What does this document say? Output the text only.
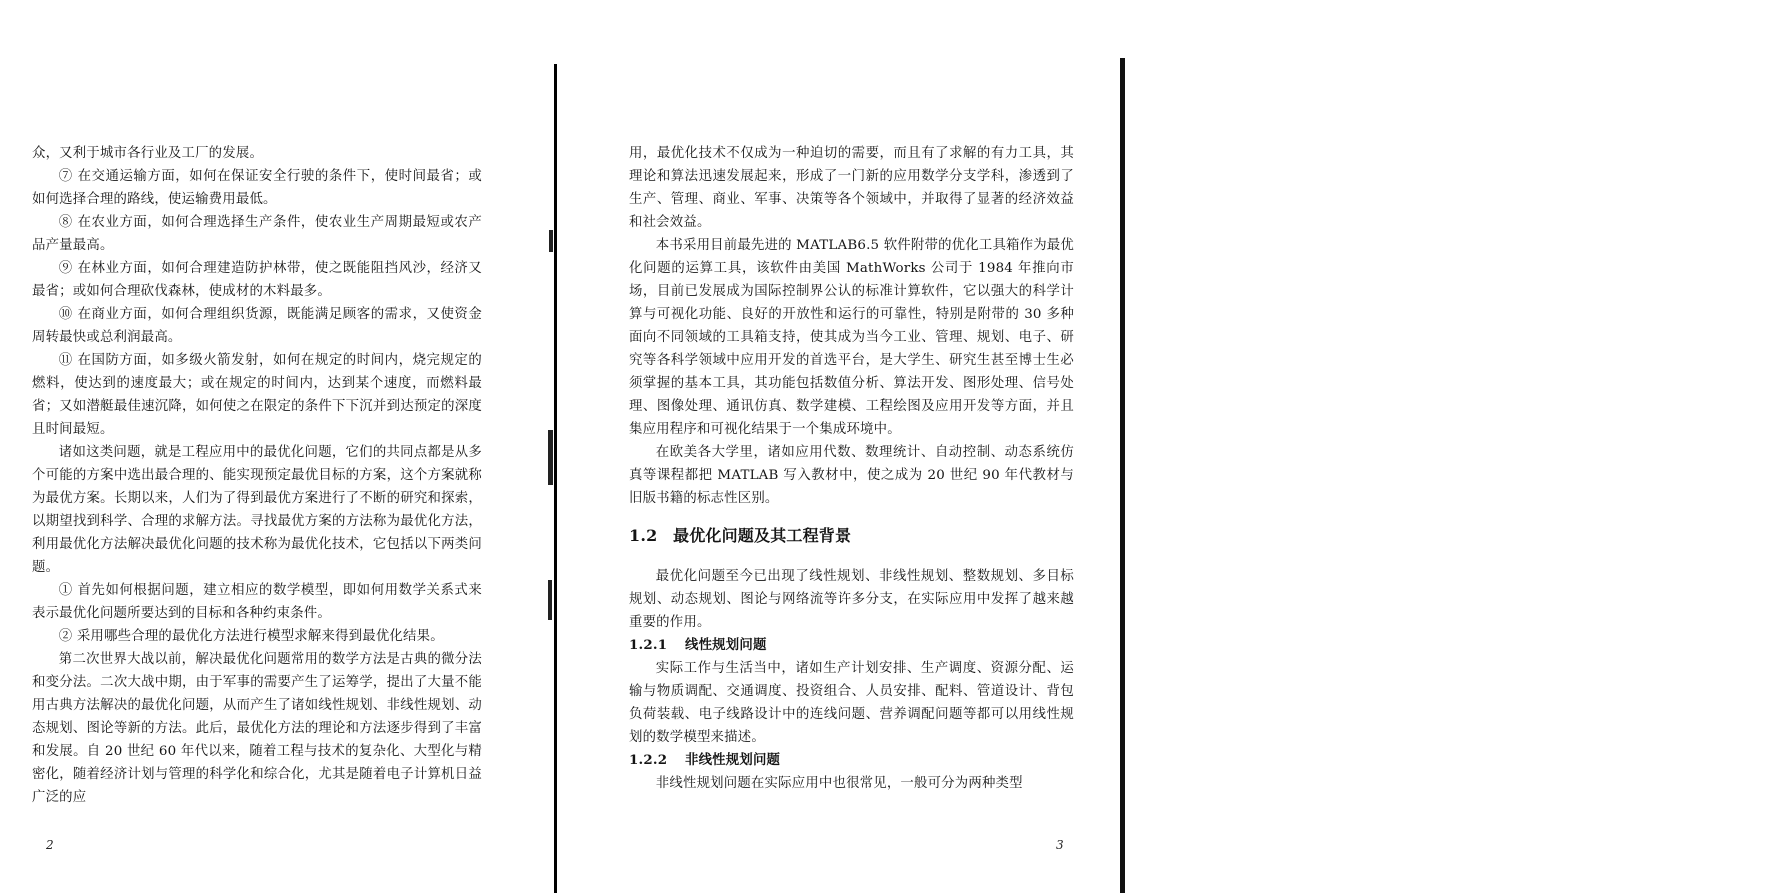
众，又利于城市各行业及工厂的发展。

⑦ 在交通运输方面，如何在保证安全行驶的条件下，使时间最省；或如何选择合理的路线，使运输费用最低。

⑧ 在农业方面，如何合理选择生产条件，使农业生产周期最短或农产品产量最高。

⑨ 在林业方面，如何合理建造防护林带，使之既能阻挡风沙，经济又最省；或如何合理砍伐森林，使成材的木料最多。

⑩ 在商业方面，如何合理组织货源，既能满足顾客的需求，又使资金周转最快或总利润最高。

⑪ 在国防方面，如多级火箭发射，如何在规定的时间内，烧完规定的燃料，使达到的速度最大；或在规定的时间内，达到某个速度，而燃料最省；又如潜艇最佳速沉降，如何使之在限定的条件下下沉并到达预定的深度且时间最短。

诸如这类问题，就是工程应用中的最优化问题，它们的共同点都是从多个可能的方案中选出最合理的、能实现预定最优目标的方案，这个方案就称为最优方案。长期以来，人们为了得到最优方案进行了不断的研究和探索，以期望找到科学、合理的求解方法。寻找最优方案的方法称为最优化方法，利用最优化方法解决最优化问题的技术称为最优化技术，它包括以下两类问题。

① 首先如何根据问题，建立相应的数学模型，即如何用数学关系式来表示最优化问题所要达到的目标和各种约束条件。

② 采用哪些合理的最优化方法进行模型求解来得到最优化结果。

第二次世界大战以前，解决最优化问题常用的数学方法是古典的微分法和变分法。二次大战中期，由于军事的需要产生了运筹学，提出了大量不能用古典方法解决的最优化问题，从而产生了诸如线性规划、非线性规划、动态规划、图论等新的方法。此后，最优化方法的理论和方法逐步得到了丰富和发展。自 20 世纪 60 年代以来，随着工程与技术的复杂化、大型化与精密化，随着经济计划与管理的科学化和综合化，尤其是随着电子计算机日益广泛的应

2

用，最优化技术不仅成为一种迫切的需要，而且有了求解的有力工具，其理论和算法迅速发展起来，形成了一门新的应用数学分支学科，渗透到了生产、管理、商业、军事、决策等各个领域中，并取得了显著的经济效益和社会效益。

本书采用目前最先进的 MATLAB6.5 软件附带的优化工具箱作为最优化问题的运算工具，该软件由美国 MathWorks 公司于 1984 年推向市场，目前已发展成为国际控制界公认的标准计算软件，它以强大的科学计算与可视化功能、良好的开放性和运行的可靠性，特别是附带的 30 多种面向不同领域的工具箱支持，使其成为当今工业、管理、规划、电子、研究等各科学领域中应用开发的首选平台，是大学生、研究生甚至博士生必须掌握的基本工具，其功能包括数值分析、算法开发、图形处理、信号处理、图像处理、通讯仿真、数学建模、工程绘图及应用开发等方面，并且集应用程序和可视化结果于一个集成环境中。

在欧美各大学里，诸如应用代数、数理统计、自动控制、动态系统仿真等课程都把 MATLAB 写入教材中，使之成为 20 世纪 90 年代教材与旧版书籍的标志性区别。

1.2 最优化问题及其工程背景

最优化问题至今已出现了线性规划、非线性规划、整数规划、多目标规划、动态规划、图论与网络流等许多分支，在实际应用中发挥了越来越重要的作用。

1.2.1 线性规划问题

实际工作与生活当中，诸如生产计划安排、生产调度、资源分配、运输与物质调配、交通调度、投资组合、人员安排、配料、管道设计、背包负荷装载、电子线路设计中的连线问题、营养调配问题等都可以用线性规划的数学模型来描述。

1.2.2 非线性规划问题

非线性规划问题在实际应用中也很常见，一般可分为两种类型

3
